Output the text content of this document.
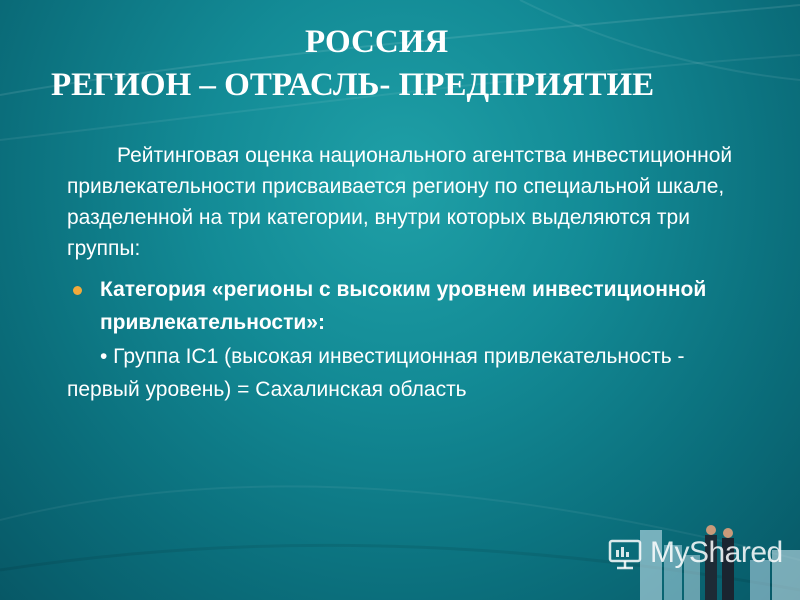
РОССИЯ
РЕГИОН – ОТРАСЛЬ- ПРЕДПРИЯТИЕ
Рейтинговая оценка национального агентства инвестиционной привлекательности присваивается региону по специальной шкале, разделенной на три категории, внутри которых выделяются три группы:
Категория «регионы с высоким уровнем инвестиционной привлекательности»:
• Группа IC1 (высокая инвестиционная привлекательность - первый уровень) = Сахалинская область
MyShared
